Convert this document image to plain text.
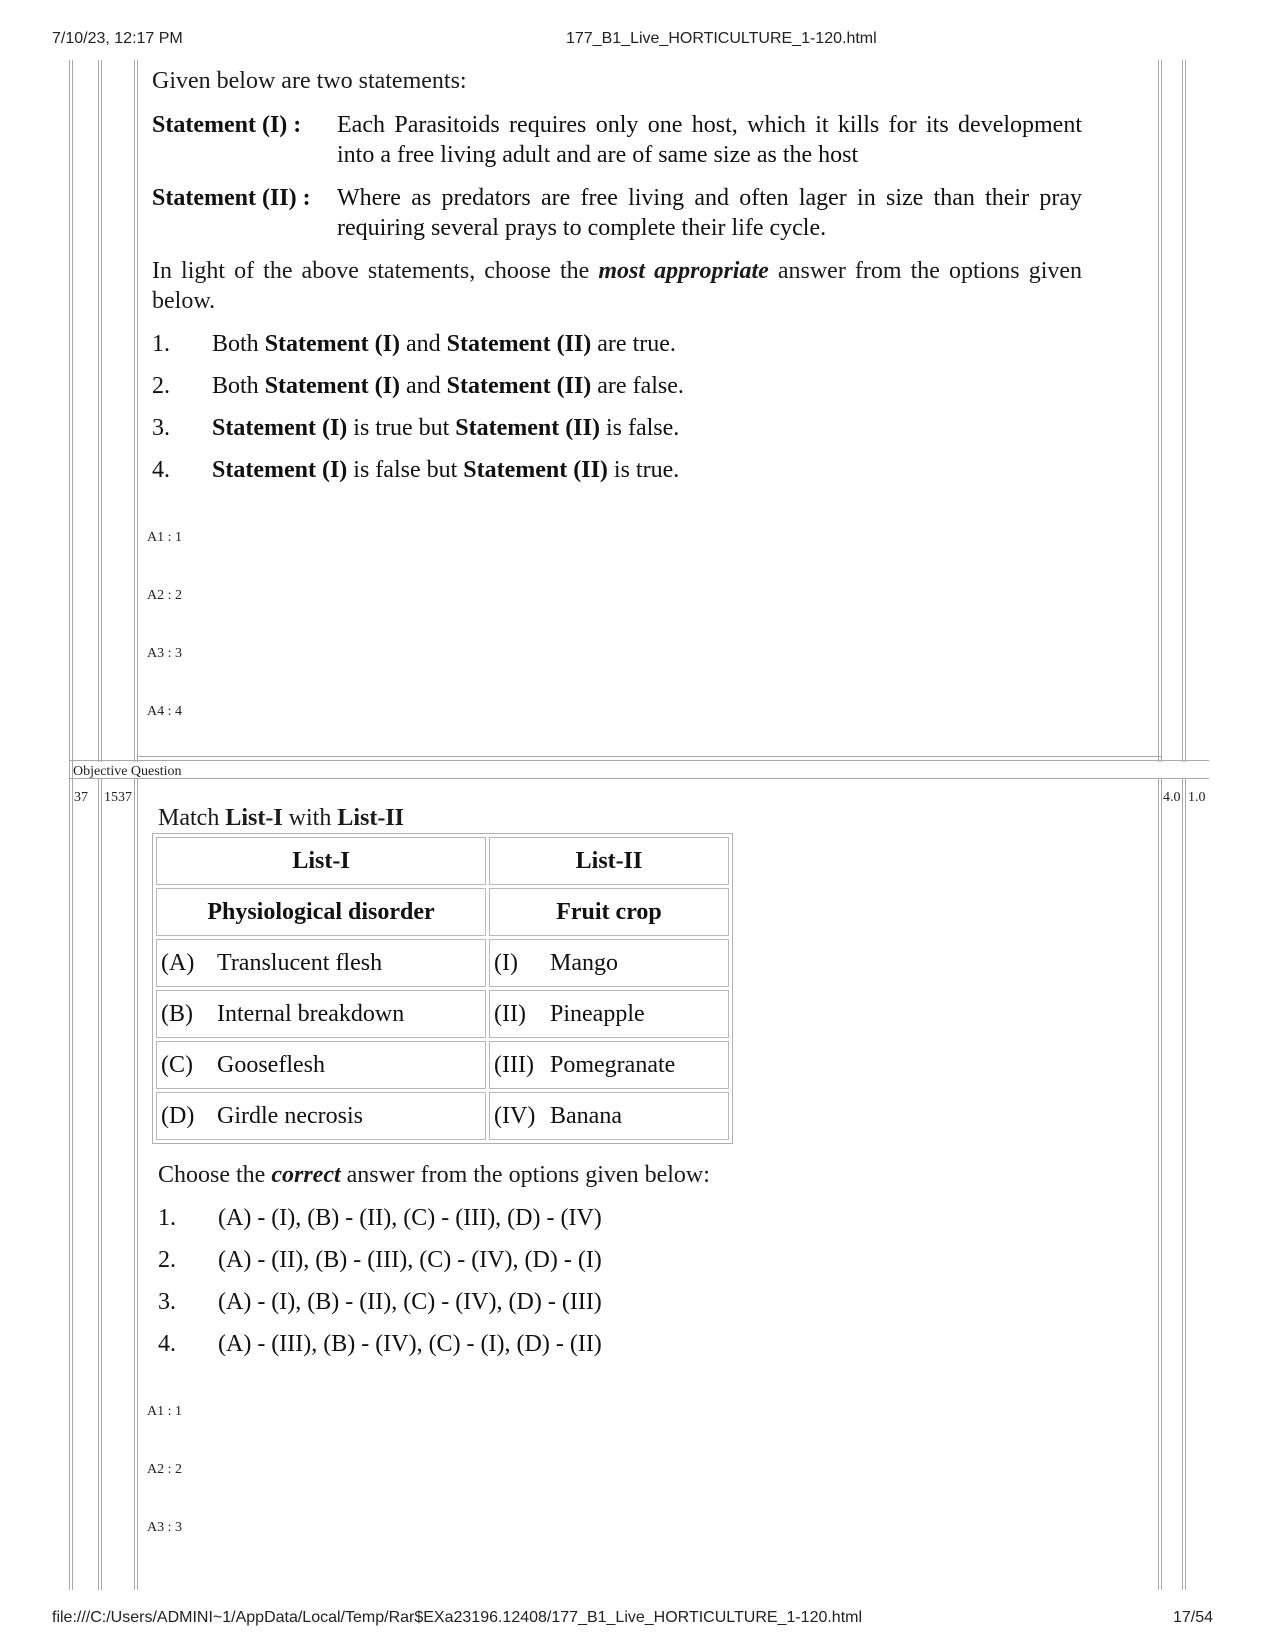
7/10/23, 12:17 PM	177_B1_Live_HORTICULTURE_1-120.html
Given below are two statements:
Statement (I) : Each Parasitoids requires only one host, which it kills for its development into a free living adult and are of same size as the host
Statement (II) : Where as predators are free living and often lager in size than their pray requiring several prays to complete their life cycle.
In light of the above statements, choose the most appropriate answer from the options given below.
1. Both Statement (I) and Statement (II) are true.
2. Both Statement (I) and Statement (II) are false.
3. Statement (I) is true but Statement (II) is false.
4. Statement (I) is false but Statement (II) is true.
A1 : 1
A2 : 2
A3 : 3
A4 : 4
Objective Question
37 1537	4.0 1.0
Match List-I with List-II
List-I	List-II
Physiological disorder	Fruit crop
(A) Translucent flesh	(I) Mango
(B) Internal breakdown	(II) Pineapple
(C) Gooseflesh	(III) Pomegranate
(D) Girdle necrosis	(IV) Banana
Choose the correct answer from the options given below:
1. (A) - (I), (B) - (II), (C) - (III), (D) - (IV)
2. (A) - (II), (B) - (III), (C) - (IV), (D) - (I)
3. (A) - (I), (B) - (II), (C) - (IV), (D) - (III)
4. (A) - (III), (B) - (IV), (C) - (I), (D) - (II)
A1 : 1
A2 : 2
A3 : 3
file:///C:/Users/ADMINI~1/AppData/Local/Temp/Rar$EXa23196.12408/177_B1_Live_HORTICULTURE_1-120.html	17/54
